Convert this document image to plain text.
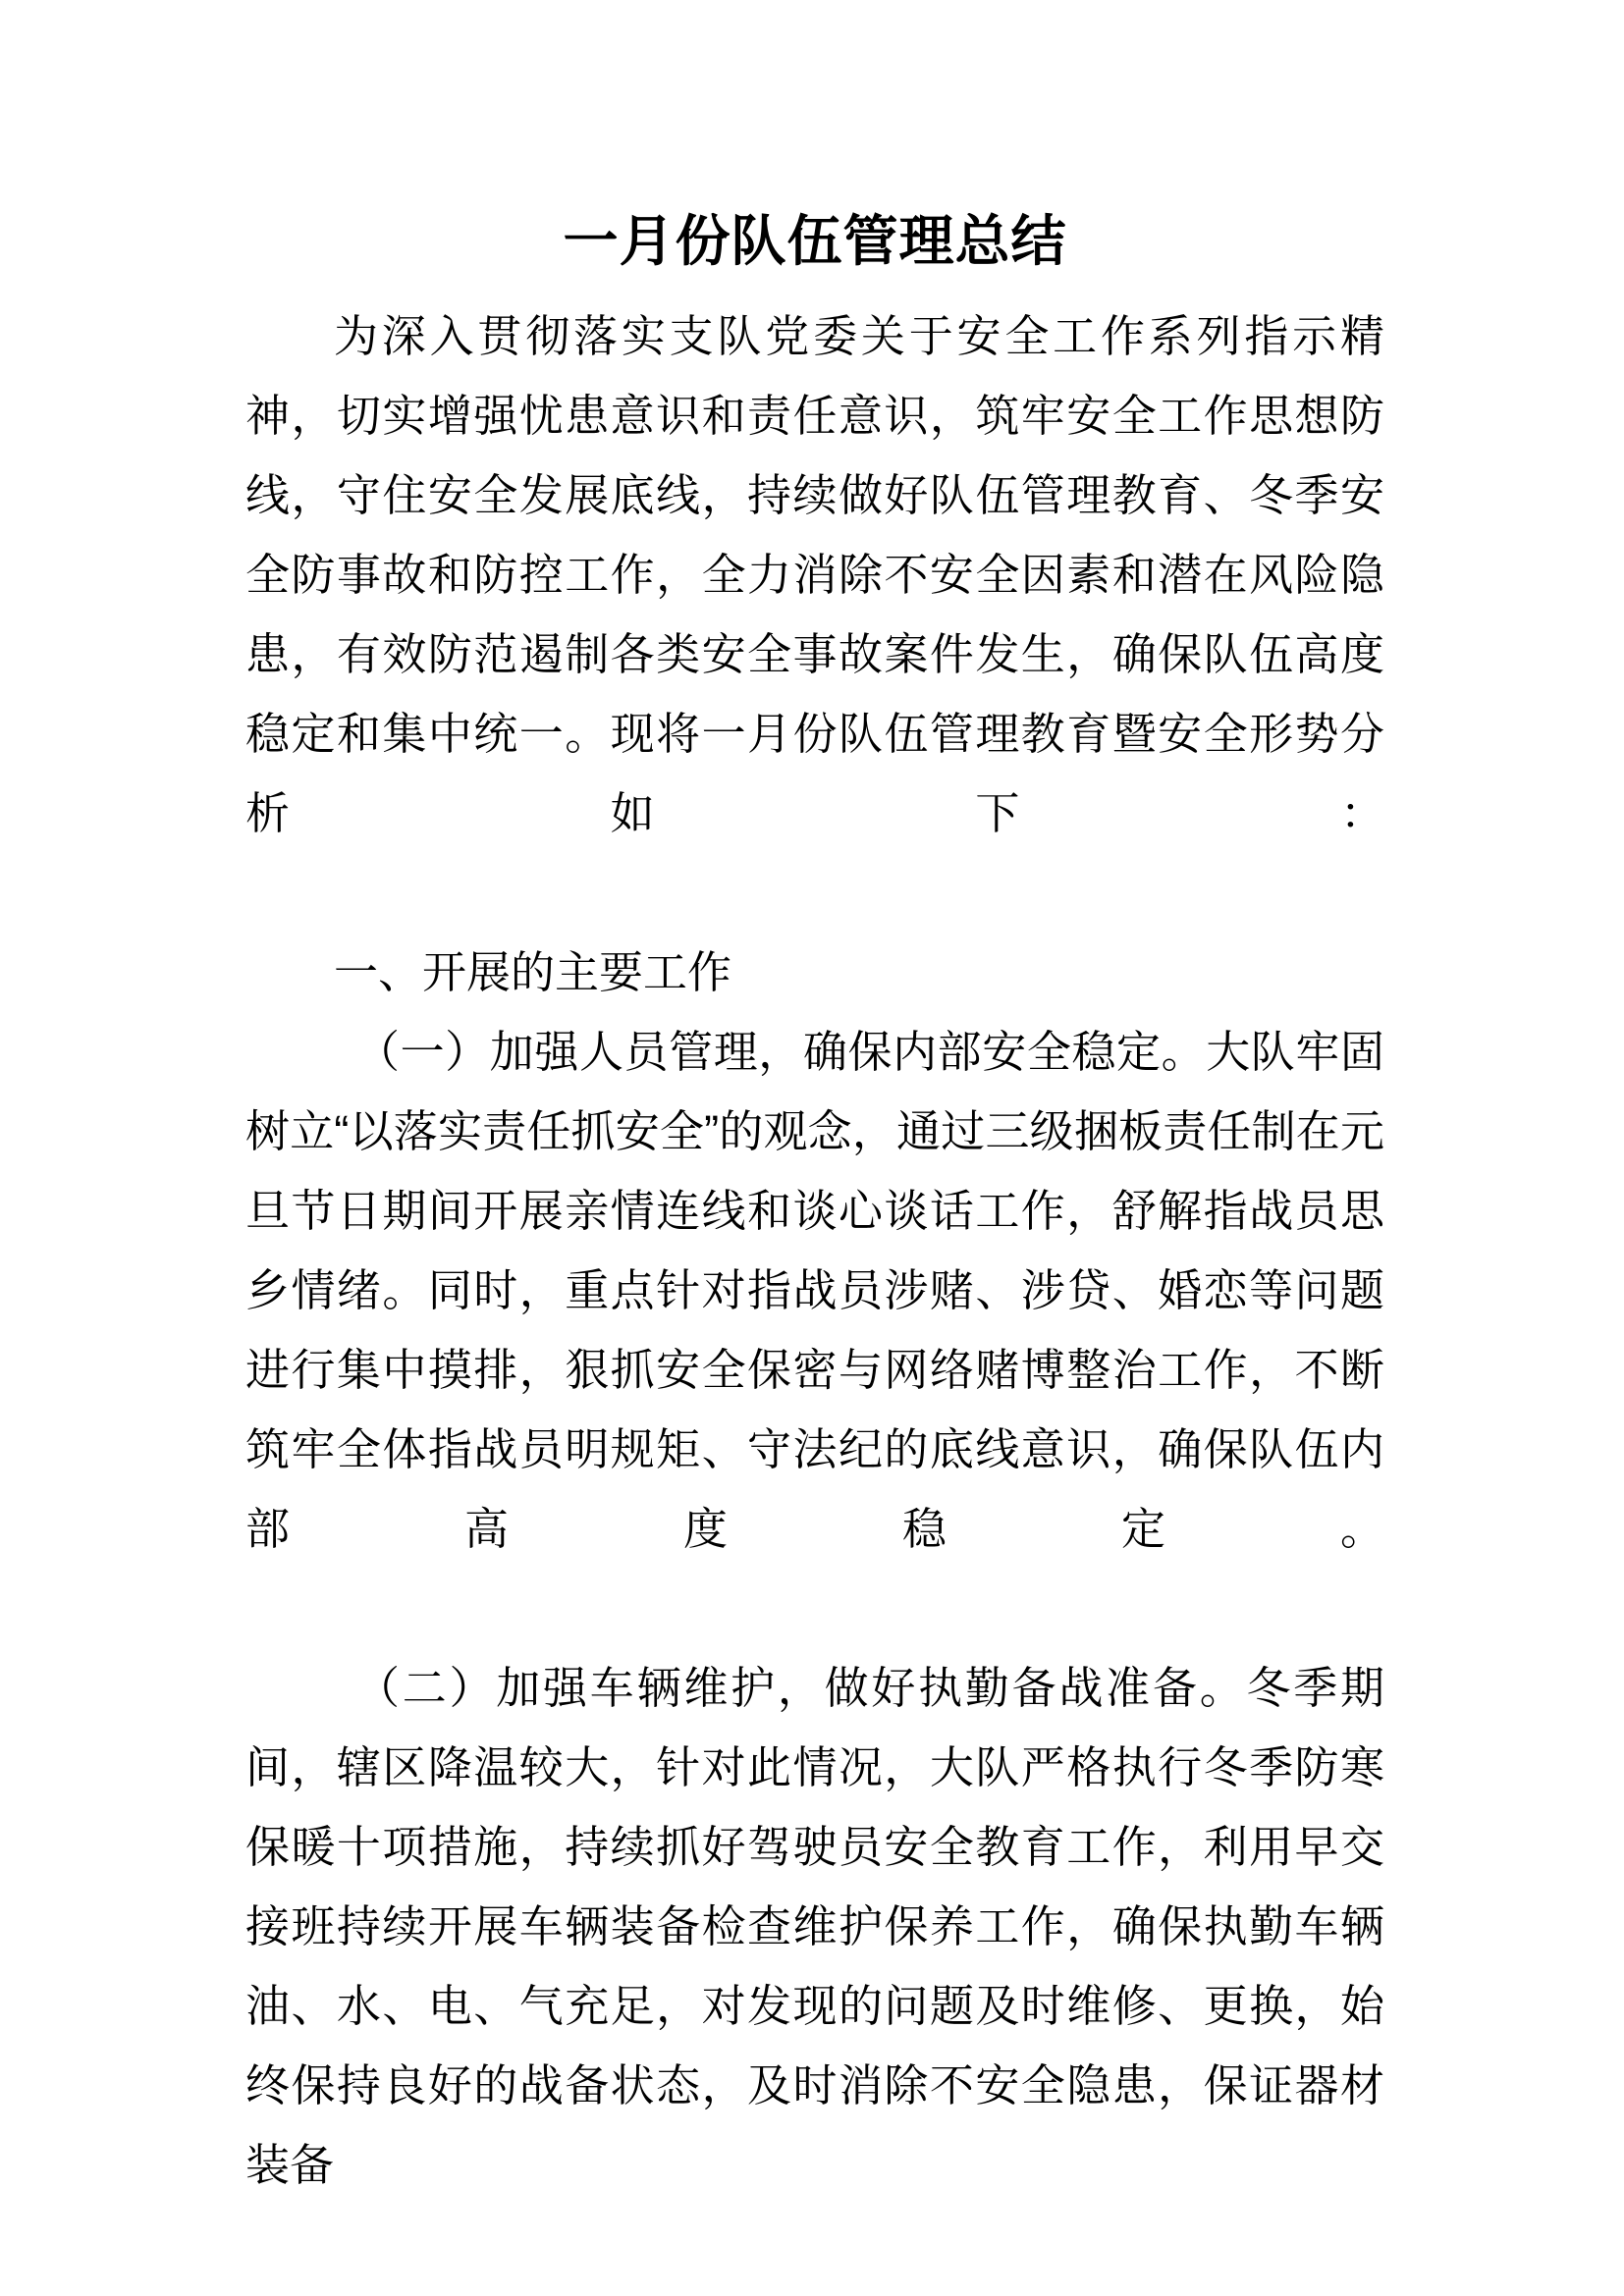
一月份队伍管理总结

为深入贯彻落实支队党委关于安全工作系列指示精神，切实增强忧患意识和责任意识，筑牢安全工作思想防线，守住安全发展底线，持续做好队伍管理教育、冬季安全防事故和防控工作，全力消除不安全因素和潜在风险隐患，有效防范遏制各类安全事故案件发生，确保队伍高度稳定和集中统一。现将一月份队伍管理教育暨安全形势分析如下：

一、开展的主要工作

（一）加强人员管理，确保内部安全稳定。大队牢固树立“以落实责任抓安全”的观念，通过三级捆板责任制在元旦节日期间开展亲情连线和谈心谈话工作，舒解指战员思乡情绪。同时，重点针对指战员涉赌、涉贷、婚恋等问题进行集中摸排，狠抓安全保密与网络赌博整治工作，不断筑牢全体指战员明规矩、守法纪的底线意识，确保队伍内部高度稳定。

（二）加强车辆维护，做好执勤备战准备。冬季期间，辖区降温较大，针对此情况，大队严格执行冬季防寒保暖十项措施，持续抓好驾驶员安全教育工作，利用早交接班持续开展车辆装备检查维护保养工作，确保执勤车辆油、水、电、气充足，对发现的问题及时维修、更换，始终保持良好的战备状态，及时消除不安全隐患，保证器材装备
